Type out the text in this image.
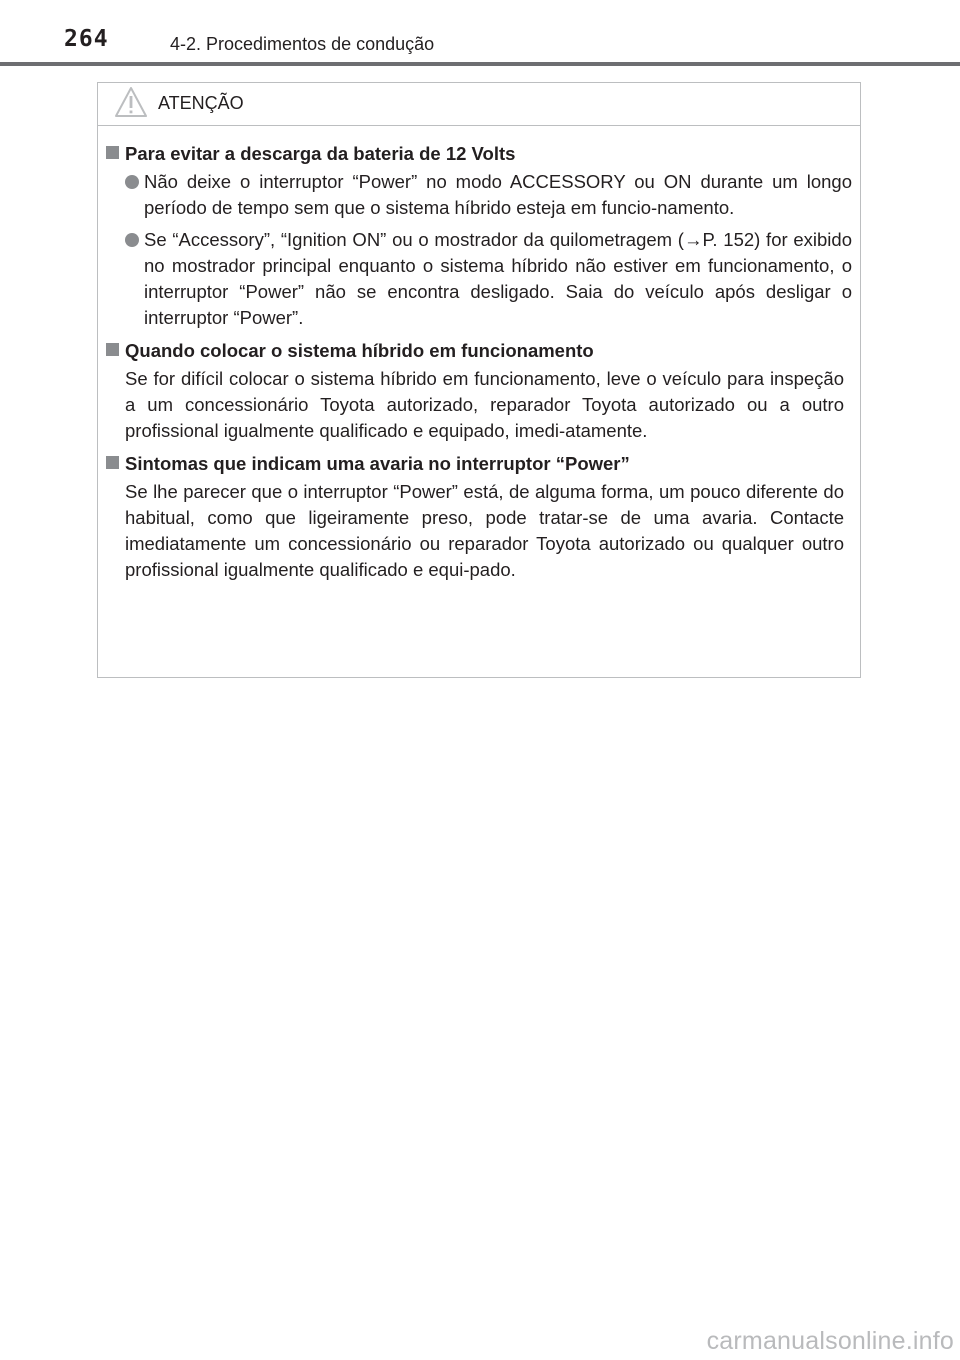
264	4-2. Procedimentos de condução
ATENÇÃO
Para evitar a descarga da bateria de 12 Volts
Não deixe o interruptor “Power” no modo ACCESSORY ou ON durante um longo período de tempo sem que o sistema híbrido esteja em funcio-namento.
Se “Accessory”, “Ignition ON” ou o mostrador da quilometragem (→P. 152) for exibido no mostrador principal enquanto o sistema híbrido não estiver em funcionamento, o interruptor “Power” não se encontra desligado. Saia do veículo após desligar o interruptor “Power”.
Quando colocar o sistema híbrido em funcionamento
Se for difícil colocar o sistema híbrido em funcionamento, leve o veículo para inspeção a um concessionário Toyota autorizado, reparador Toyota autorizado ou a outro profissional igualmente qualificado e equipado, imedi-atamente.
Sintomas que indicam uma avaria no interruptor “Power”
Se lhe parecer que o interruptor “Power” está, de alguma forma, um pouco diferente do habitual, como que ligeiramente preso, pode tratar-se de uma avaria. Contacte imediatamente um concessionário ou reparador Toyota autorizado ou qualquer outro profissional igualmente qualificado e equi-pado.
carmanualsonline.info
